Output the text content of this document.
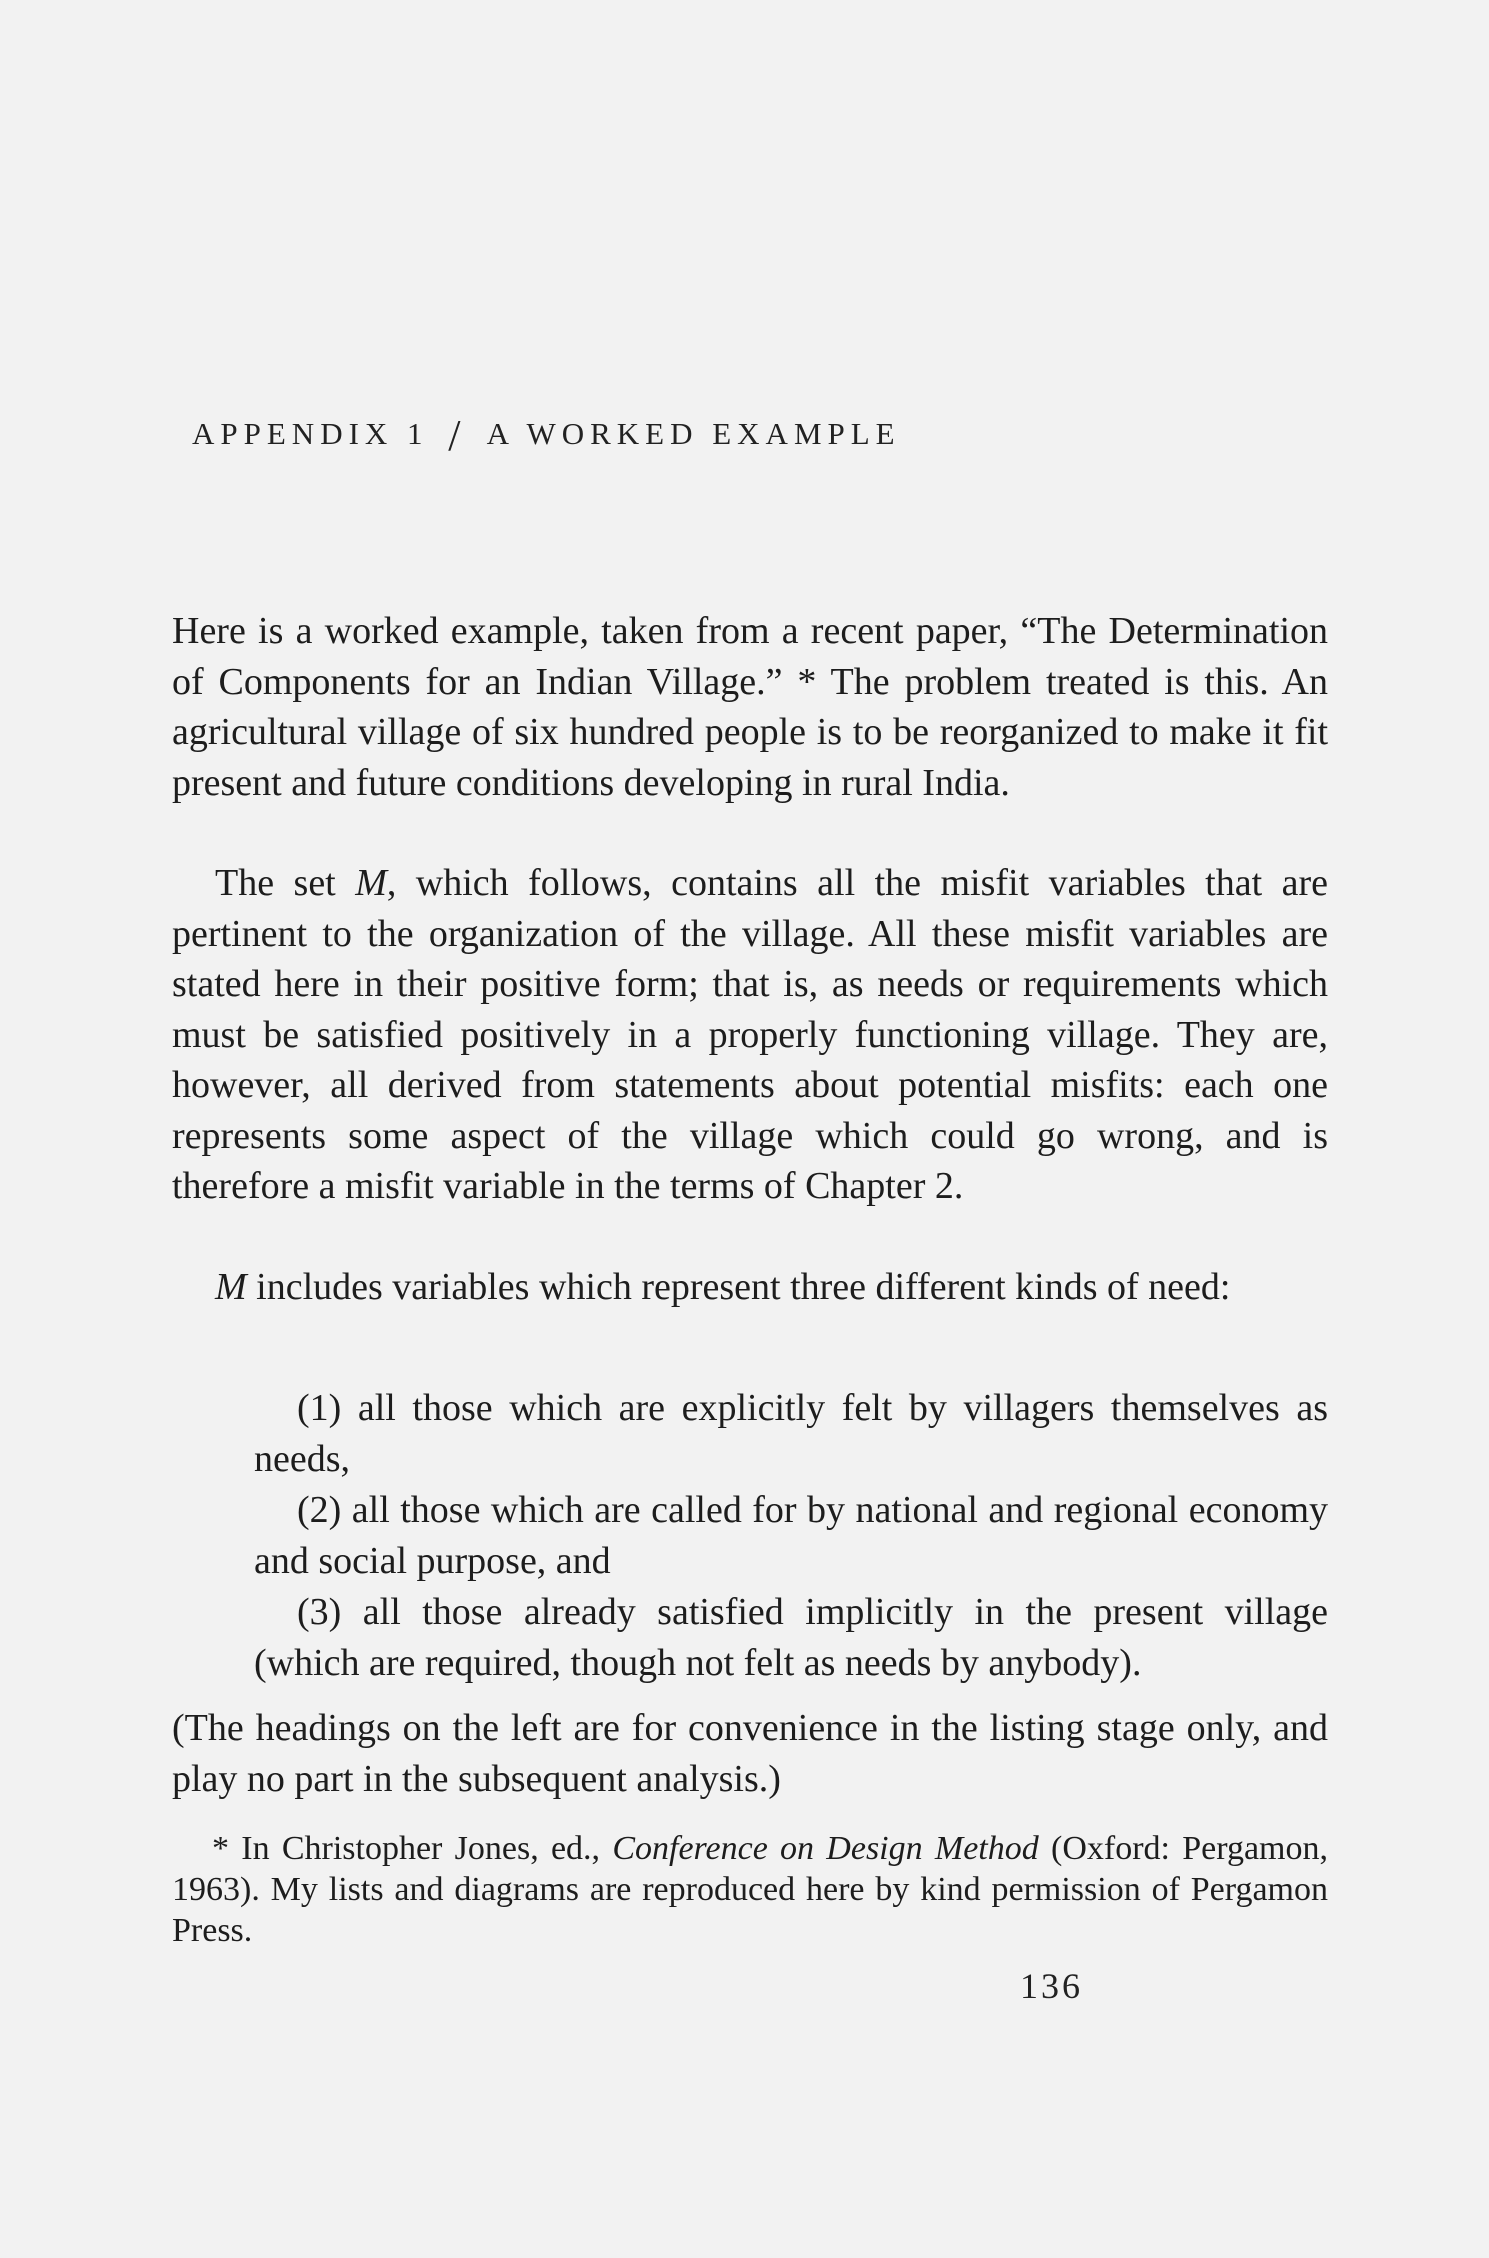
APPENDIX 1 / A WORKED EXAMPLE

Here is a worked example, taken from a recent paper, “The Determination of Components for an Indian Village.” * The problem treated is this. An agricultural village of six hundred people is to be reorganized to make it fit present and future conditions developing in rural India.

The set M, which follows, contains all the misfit variables that are pertinent to the organization of the village. All these misfit variables are stated here in their positive form; that is, as needs or requirements which must be satisfied positively in a properly functioning village. They are, however, all derived from statements about potential misfits: each one represents some aspect of the village which could go wrong, and is therefore a misfit variable in the terms of Chapter 2.

M includes variables which represent three different kinds of need:

(1) all those which are explicitly felt by villagers themselves as needs,

(2) all those which are called for by national and regional economy and social purpose, and

(3) all those already satisfied implicitly in the present village (which are required, though not felt as needs by anybody).

(The headings on the left are for convenience in the listing stage only, and play no part in the subsequent analysis.)

* In Christopher Jones, ed., Conference on Design Method (Oxford: Pergamon, 1963). My lists and diagrams are reproduced here by kind permission of Pergamon Press.

136
